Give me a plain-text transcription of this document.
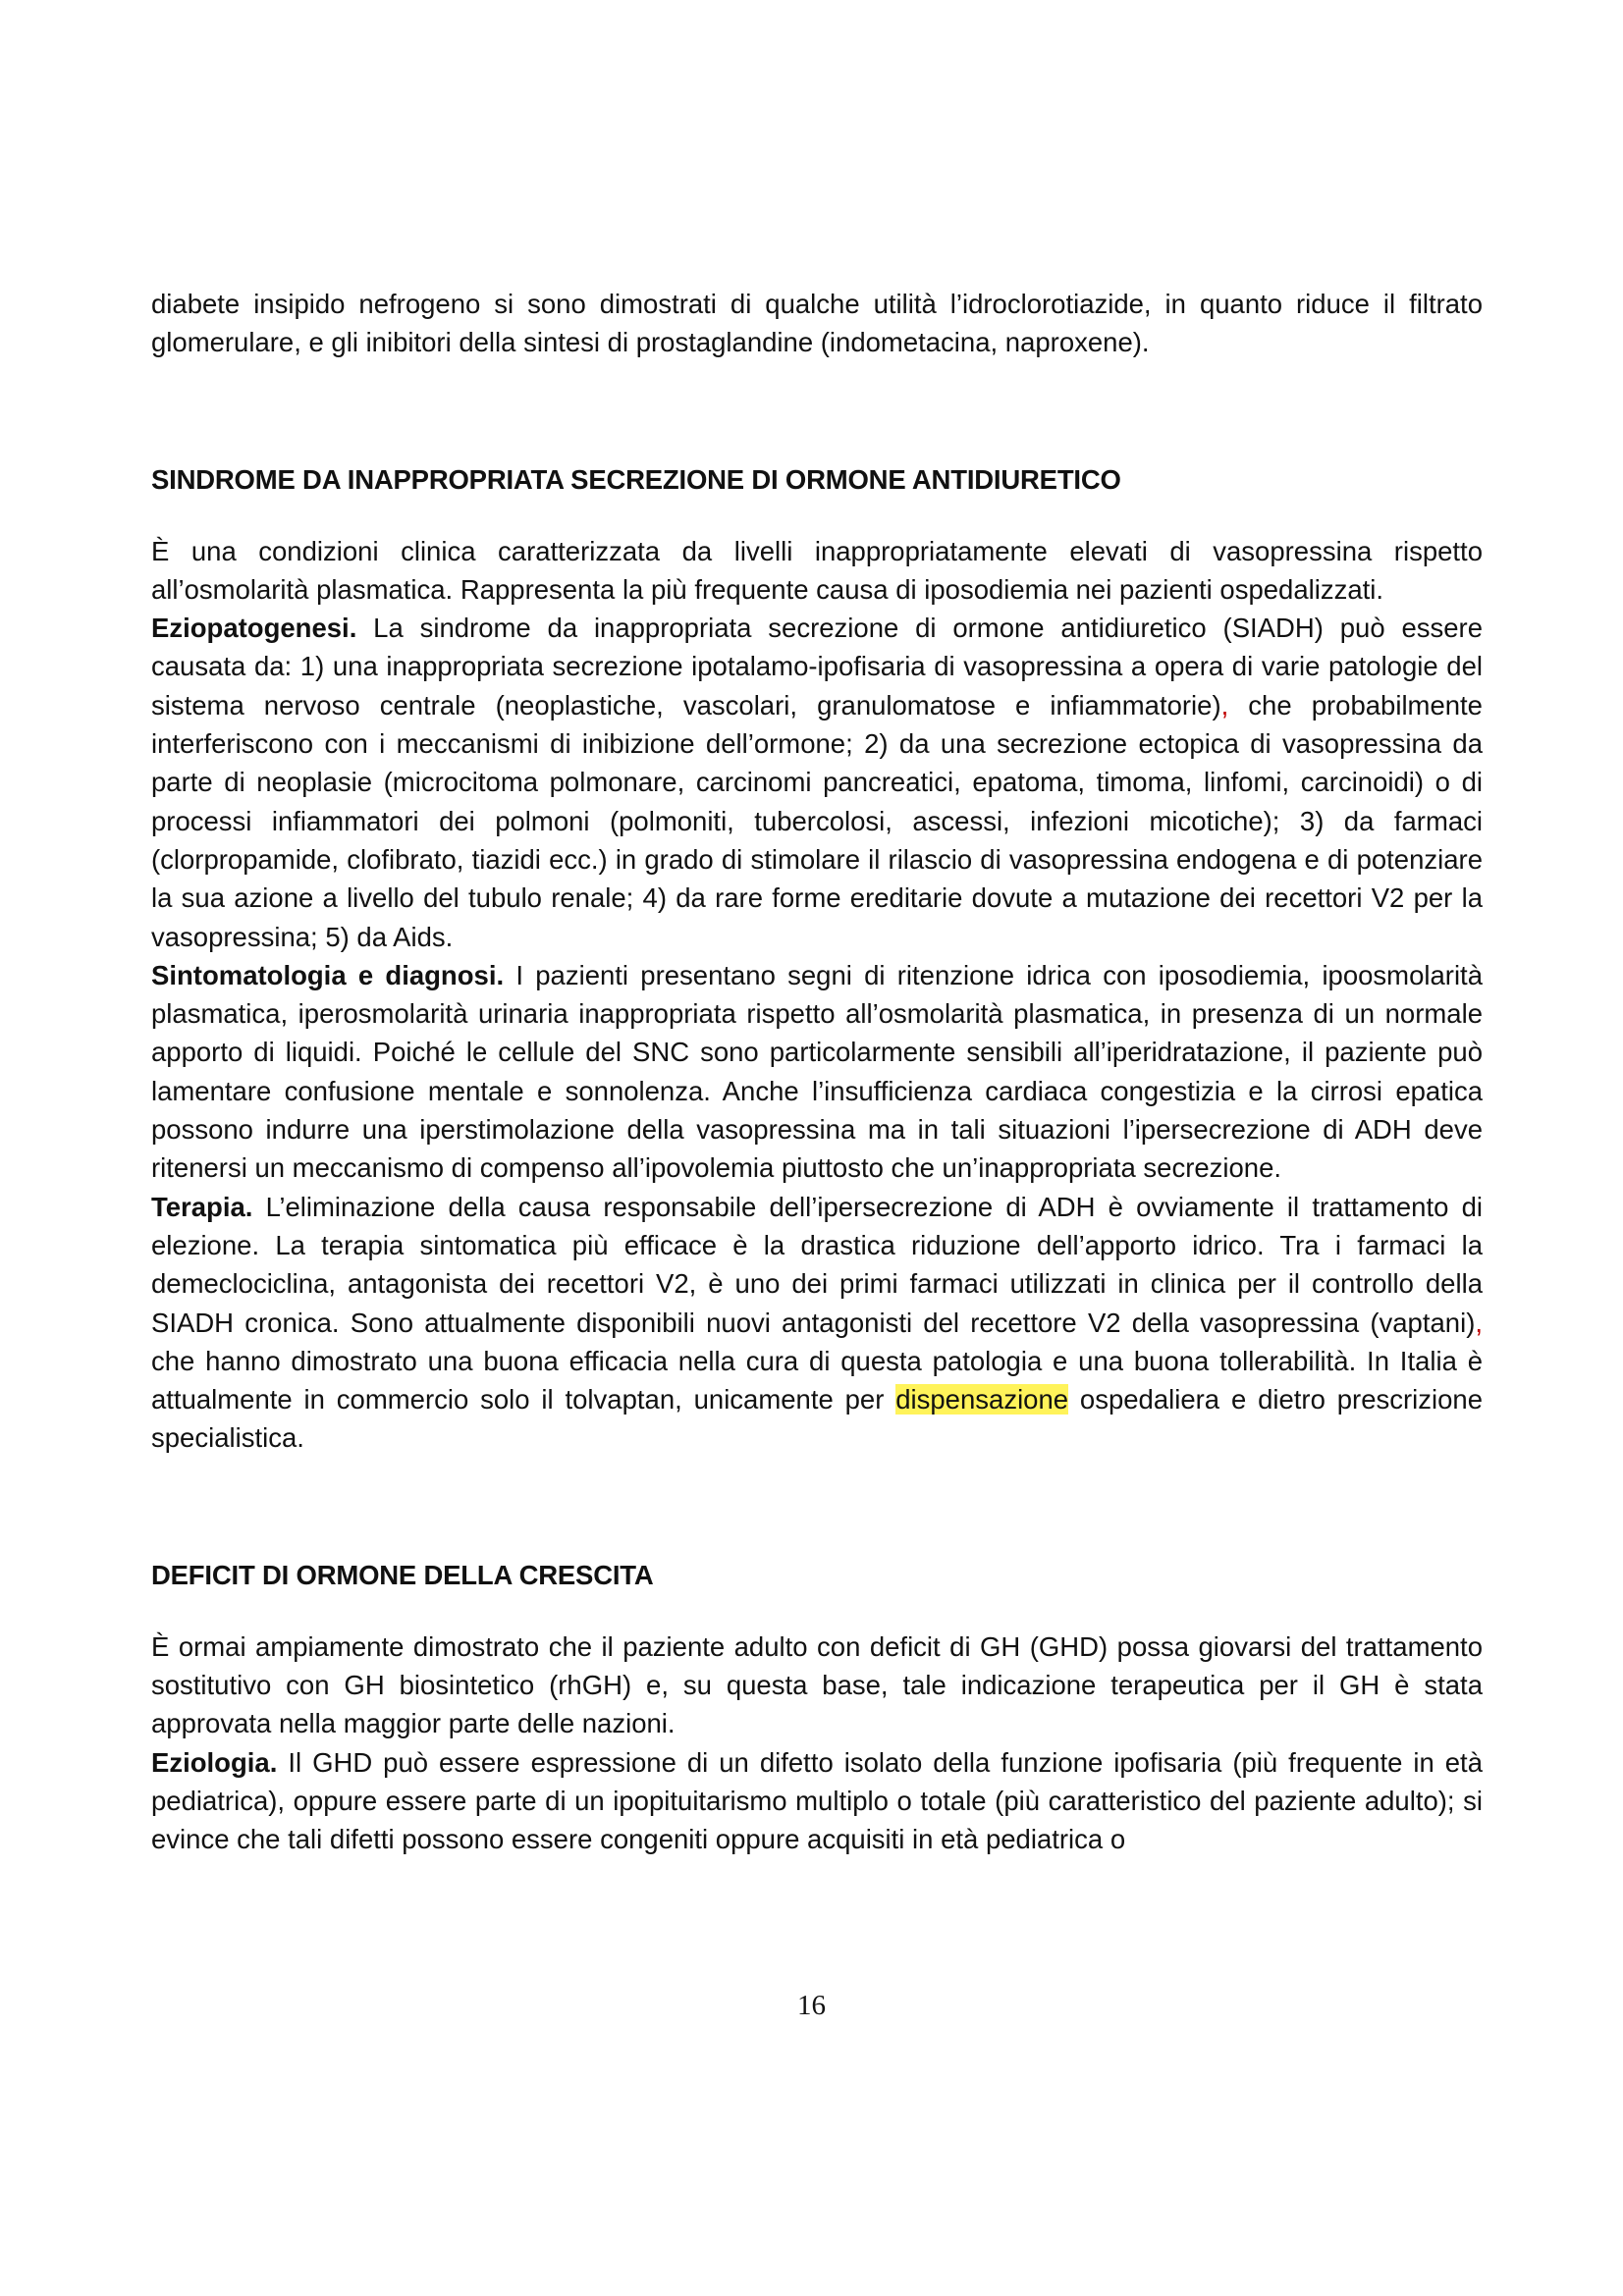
diabete insipido nefrogeno si sono dimostrati di qualche utilità l’idroclorotiazide, in quanto riduce il filtrato glomerulare, e gli inibitori della sintesi di prostaglandine (indometacina, naproxene).

SINDROME DA INAPPROPRIATA SECREZIONE DI ORMONE ANTIDIURETICO

È una condizioni clinica caratterizzata da livelli inappropriatamente elevati di vasopressina rispetto all’osmolarità plasmatica. Rappresenta la più frequente causa di iposodiemia nei pazienti ospedalizzati.

Eziopatogenesi. La sindrome da inappropriata secrezione di ormone antidiuretico (SIADH) può essere causata da: 1) una inappropriata secrezione ipotalamo-ipofisaria di vasopressina a opera di varie patologie del sistema nervoso centrale (neoplastiche, vascolari, granulomatose e infiammatorie), che probabilmente interferiscono con i meccanismi di inibizione dell’ormone; 2) da una secrezione ectopica di vasopressina da parte di neoplasie (microcitoma polmonare, carcinomi pancreatici, epatoma, timoma, linfomi, carcinoidi) o di processi infiammatori dei polmoni (polmoniti, tubercolosi, ascessi, infezioni micotiche); 3) da farmaci (clorpropamide, clofibrato, tiazidi ecc.) in grado di stimolare il rilascio di vasopressina endogena e di potenziare la sua azione a livello del tubulo renale; 4) da rare forme ereditarie dovute a mutazione dei recettori V2 per la vasopressina; 5) da Aids.

Sintomatologia e diagnosi. I pazienti presentano segni di ritenzione idrica con iposodiemia, ipoosmolarità plasmatica, iperosmolarità urinaria inappropriata rispetto all’osmolarità plasmatica, in presenza di un normale apporto di liquidi. Poiché le cellule del SNC sono particolarmente sensibili all’iperidratazione, il paziente può lamentare confusione mentale e sonnolenza. Anche l’insufficienza cardiaca congestizia e la cirrosi epatica possono indurre una iperstimolazione della vasopressina ma in tali situazioni l’ipersecrezione di ADH deve ritenersi un meccanismo di compenso all’ipovolemia piuttosto che un’inappropriata secrezione.

Terapia. L’eliminazione della causa responsabile dell’ipersecrezione di ADH è ovviamente il trattamento di elezione. La terapia sintomatica più efficace è la drastica riduzione dell’apporto idrico. Tra i farmaci la demeclociclina, antagonista dei recettori V2, è uno dei primi farmaci utilizzati in clinica per il controllo della SIADH cronica. Sono attualmente disponibili nuovi antagonisti del recettore V2 della vasopressina (vaptani), che hanno dimostrato una buona efficacia nella cura di questa patologia e una buona tollerabilità. In Italia è attualmente in commercio solo il tolvaptan, unicamente per dispensazione ospedaliera e dietro prescrizione specialistica.

DEFICIT DI ORMONE DELLA CRESCITA

È ormai ampiamente dimostrato che il paziente adulto con deficit di GH (GHD) possa giovarsi del trattamento sostitutivo con GH biosintetico (rhGH) e, su questa base, tale indicazione terapeutica per il GH è stata approvata nella maggior parte delle nazioni.

Eziologia. Il GHD può essere espressione di un difetto isolato della funzione ipofisaria (più frequente in età pediatrica), oppure essere parte di un ipopituitarismo multiplo o totale (più caratteristico del paziente adulto); si evince che tali difetti possono essere congeniti oppure acquisiti in età pediatrica o

16
